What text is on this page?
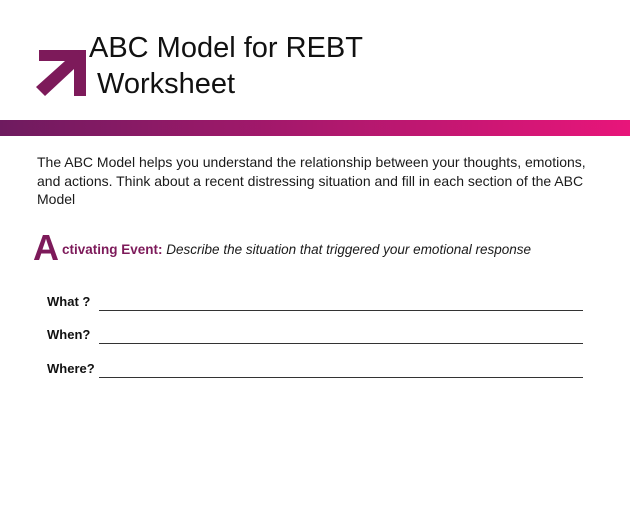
ABC Model for REBT
Worksheet

The ABC Model helps you understand the relationship between your thoughts, emotions, and actions. Think about a recent distressing situation and fill in each section of the ABC Model

A ctivating Event: Describe the situation that triggered your emotional response
What ?
When?
Where?
